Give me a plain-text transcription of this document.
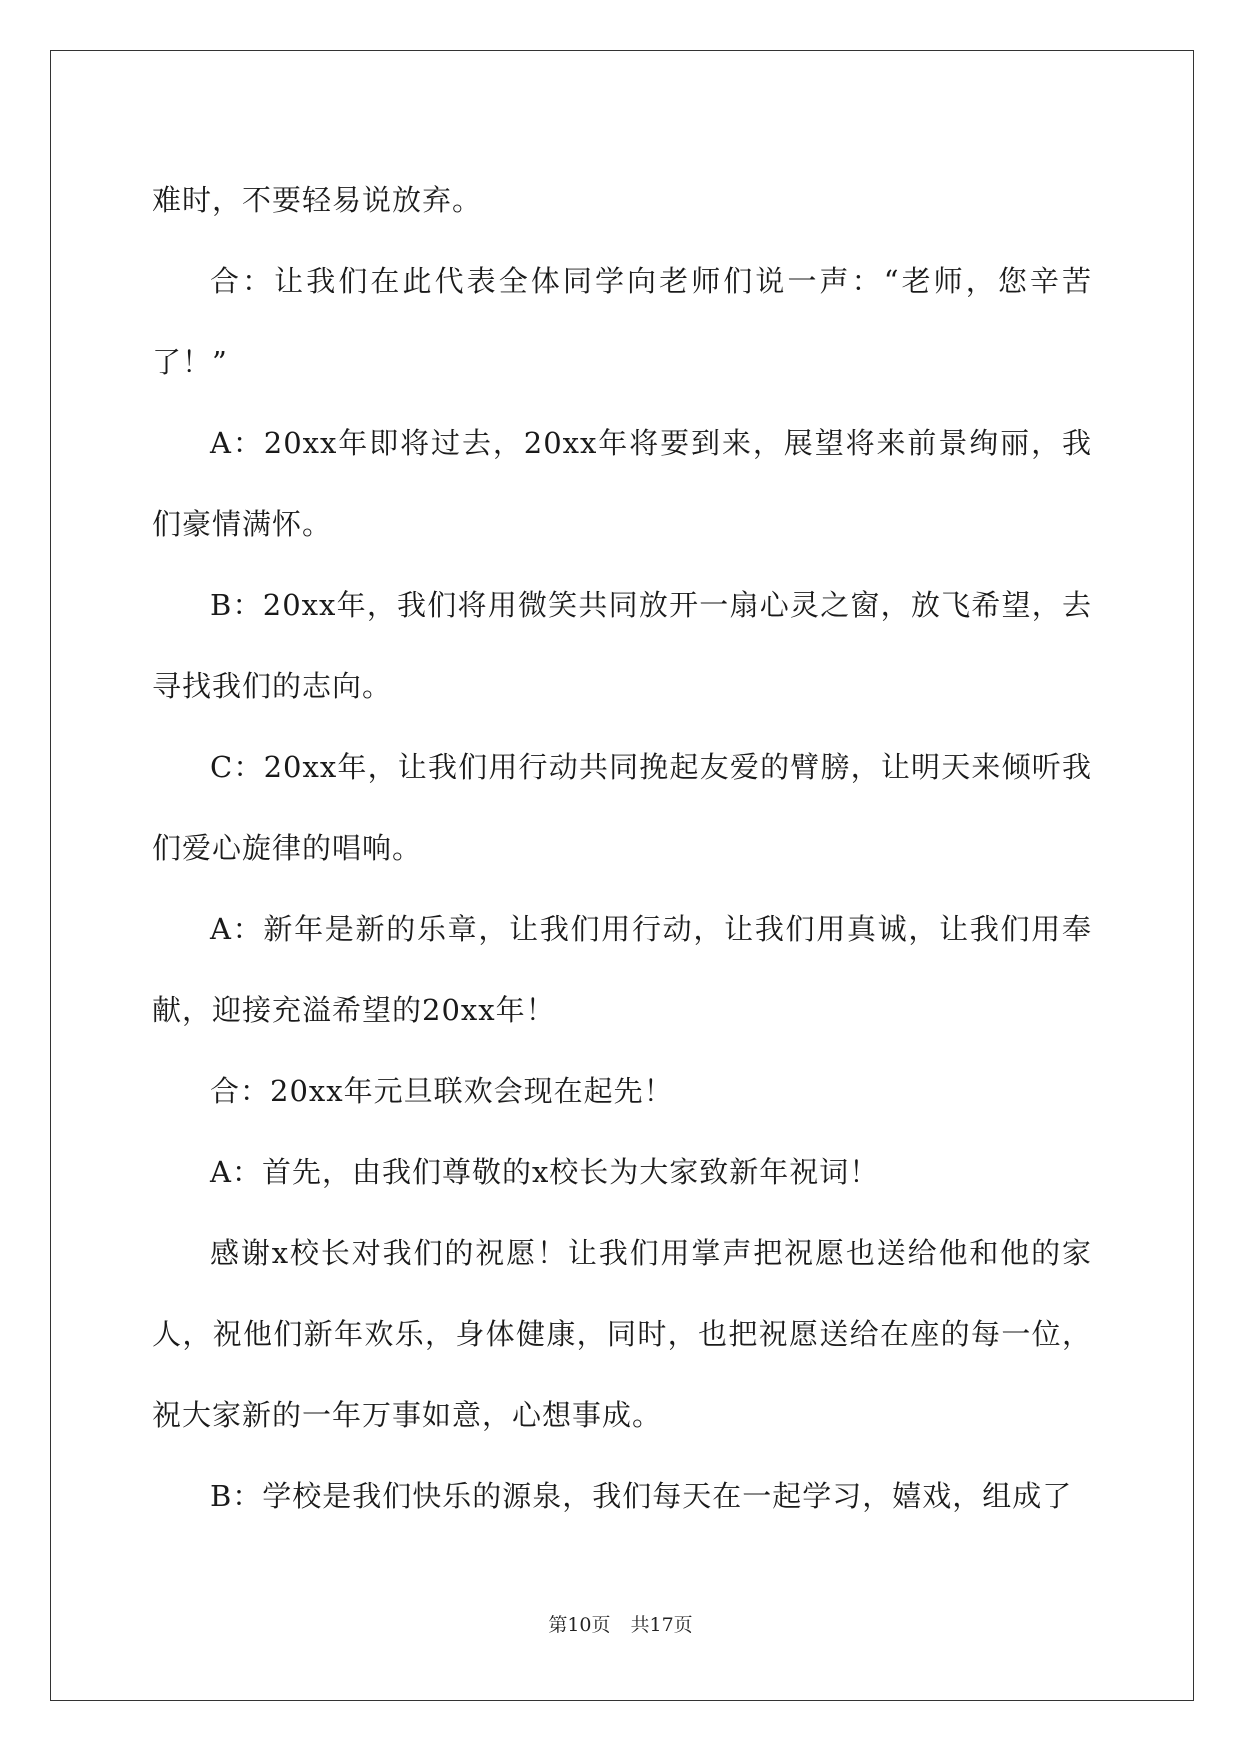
难时，不要轻易说放弃。

合：让我们在此代表全体同学向老师们说一声：“老师，您辛苦了！”

A：20xx年即将过去，20xx年将要到来，展望将来前景绚丽，我们豪情满怀。

B：20xx年，我们将用微笑共同放开一扇心灵之窗，放飞希望，去寻找我们的志向。

C：20xx年，让我们用行动共同挽起友爱的臂膀，让明天来倾听我们爱心旋律的唱响。

A：新年是新的乐章，让我们用行动，让我们用真诚，让我们用奉献，迎接充溢希望的20xx年！

合：20xx年元旦联欢会现在起先！

A：首先，由我们尊敬的x校长为大家致新年祝词！

感谢x校长对我们的祝愿！让我们用掌声把祝愿也送给他和他的家人，祝他们新年欢乐，身体健康，同时，也把祝愿送给在座的每一位，祝大家新的一年万事如意，心想事成。

B：学校是我们快乐的源泉，我们每天在一起学习，嬉戏，组成了

第10页 共17页
